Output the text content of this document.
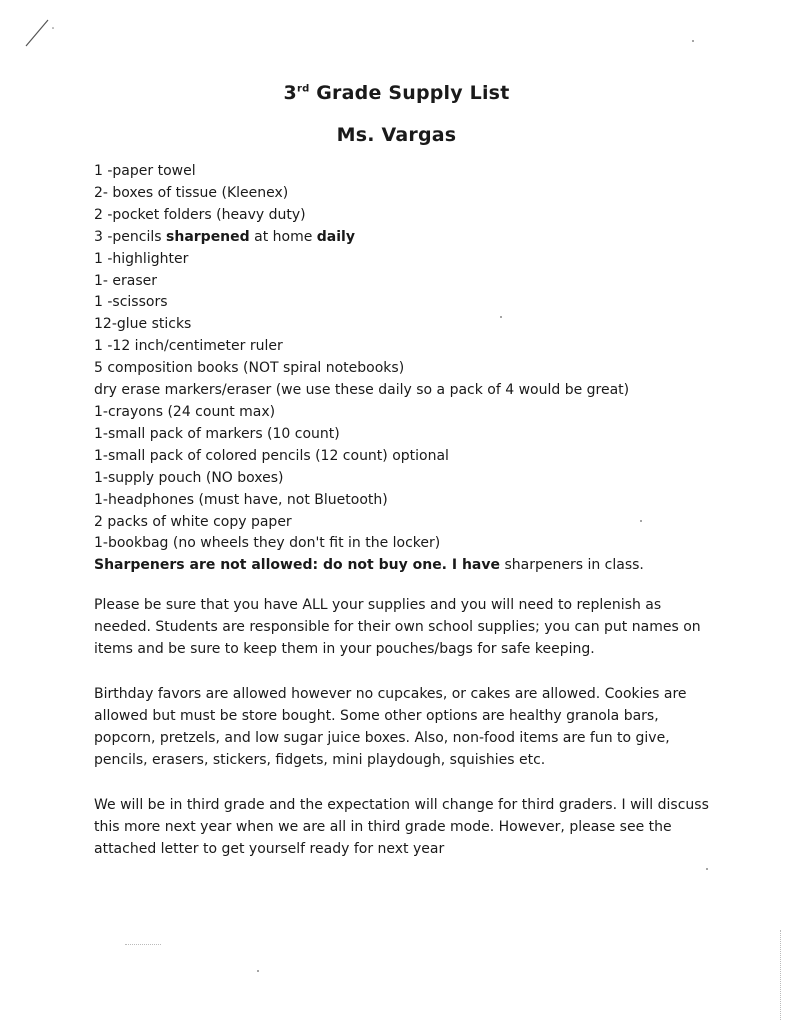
3rd Grade Supply List
Ms. Vargas
1 -paper towel
2- boxes of tissue (Kleenex)
2 -pocket folders (heavy duty)
3 -pencils sharpened at home daily
1 -highlighter
1- eraser
1 -scissors
12-glue sticks
1 -12 inch/centimeter ruler
5 composition books (NOT spiral notebooks)
dry erase markers/eraser (we use these daily so a pack of 4 would be great)
1-crayons (24 count max)
1-small pack of markers (10 count)
1-small pack of colored pencils (12 count) optional
1-supply pouch (NO boxes)
1-headphones (must have, not Bluetooth)
2 packs of white copy paper
1-bookbag (no wheels they don't fit in the locker)
Sharpeners are not allowed: do not buy one. I have sharpeners in class.

Please be sure that you have ALL your supplies and you will need to replenish as needed. Students are responsible for their own school supplies; you can put names on items and be sure to keep them in your pouches/bags for safe keeping.

Birthday favors are allowed however no cupcakes, or cakes are allowed. Cookies are allowed but must be store bought. Some other options are healthy granola bars, popcorn, pretzels, and low sugar juice boxes. Also, non-food items are fun to give, pencils, erasers, stickers, fidgets, mini playdough, squishies etc.

We will be in third grade and the expectation will change for third graders. I will discuss this more next year when we are all in third grade mode. However, please see the attached letter to get yourself ready for next year
